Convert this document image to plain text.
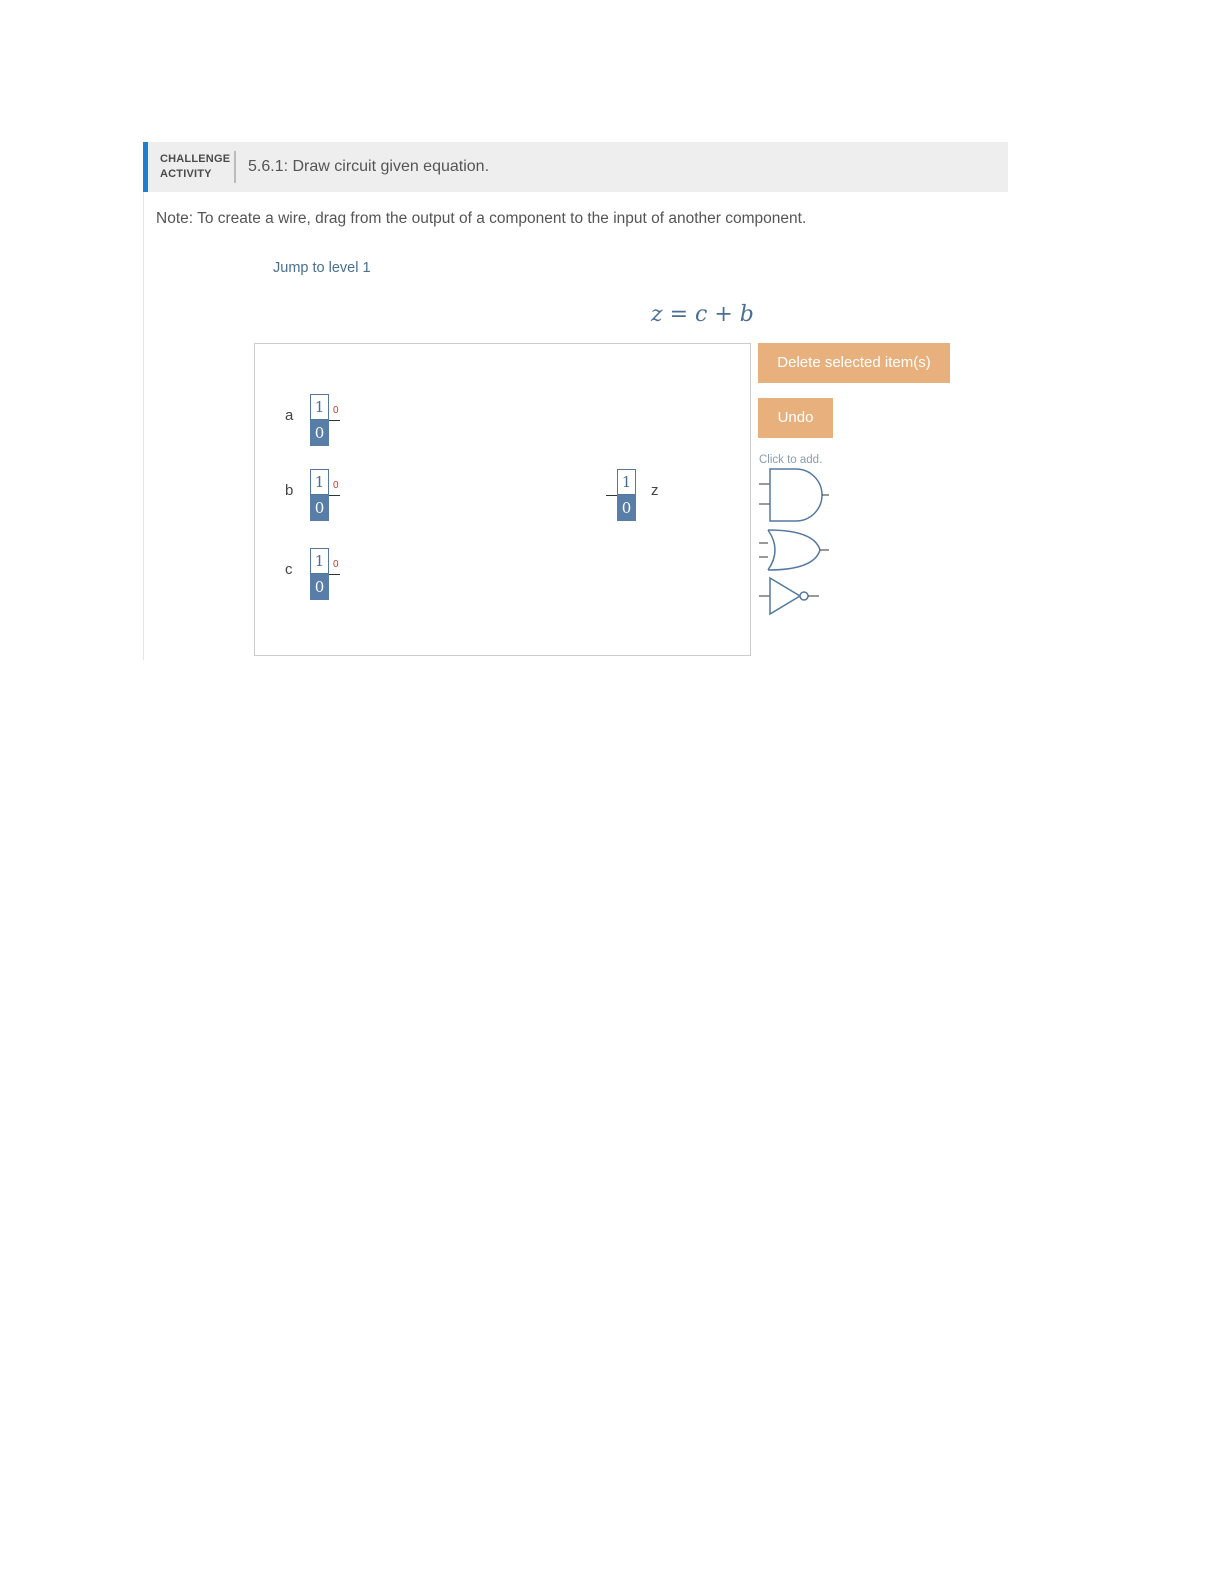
CHALLENGE
ACTIVITY	5.6.1: Draw circuit given equation.
Note: To create a wire, drag from the output of a component to the input of another component.
Jump to level 1
z = c + b
a	1
0
0
b	1
0
0
c	1
0
0
1
0
z
Delete selected item(s)
Undo
Click to add.
